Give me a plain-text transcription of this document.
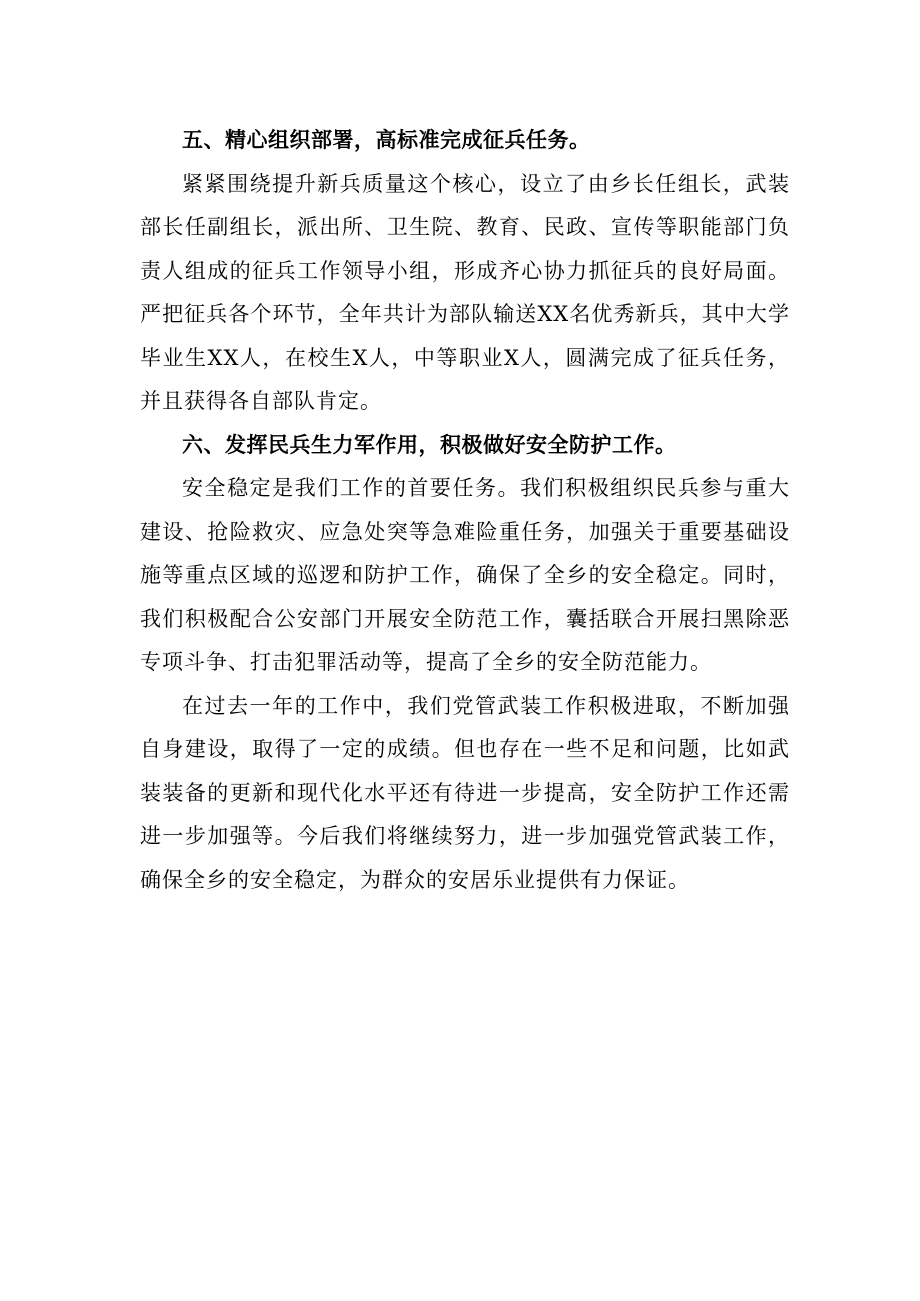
五、精心组织部署，高标准完成征兵任务。

紧紧围绕提升新兵质量这个核心，设立了由乡长任组长，武装部长任副组长，派出所、卫生院、教育、民政、宣传等职能部门负责人组成的征兵工作领导小组，形成齐心协力抓征兵的良好局面。严把征兵各个环节，全年共计为部队输送XX名优秀新兵，其中大学毕业生XX人，在校生X人，中等职业X人，圆满完成了征兵任务，并且获得各自部队肯定。

六、发挥民兵生力军作用，积极做好安全防护工作。

安全稳定是我们工作的首要任务。我们积极组织民兵参与重大建设、抢险救灾、应急处突等急难险重任务，加强关于重要基础设施等重点区域的巡逻和防护工作，确保了全乡的安全稳定。同时，我们积极配合公安部门开展安全防范工作，囊括联合开展扫黑除恶专项斗争、打击犯罪活动等，提高了全乡的安全防范能力。

在过去一年的工作中，我们党管武装工作积极进取，不断加强自身建设，取得了一定的成绩。但也存在一些不足和问题，比如武装装备的更新和现代化水平还有待进一步提高，安全防护工作还需进一步加强等。今后我们将继续努力，进一步加强党管武装工作，确保全乡的安全稳定，为群众的安居乐业提供有力保证。
